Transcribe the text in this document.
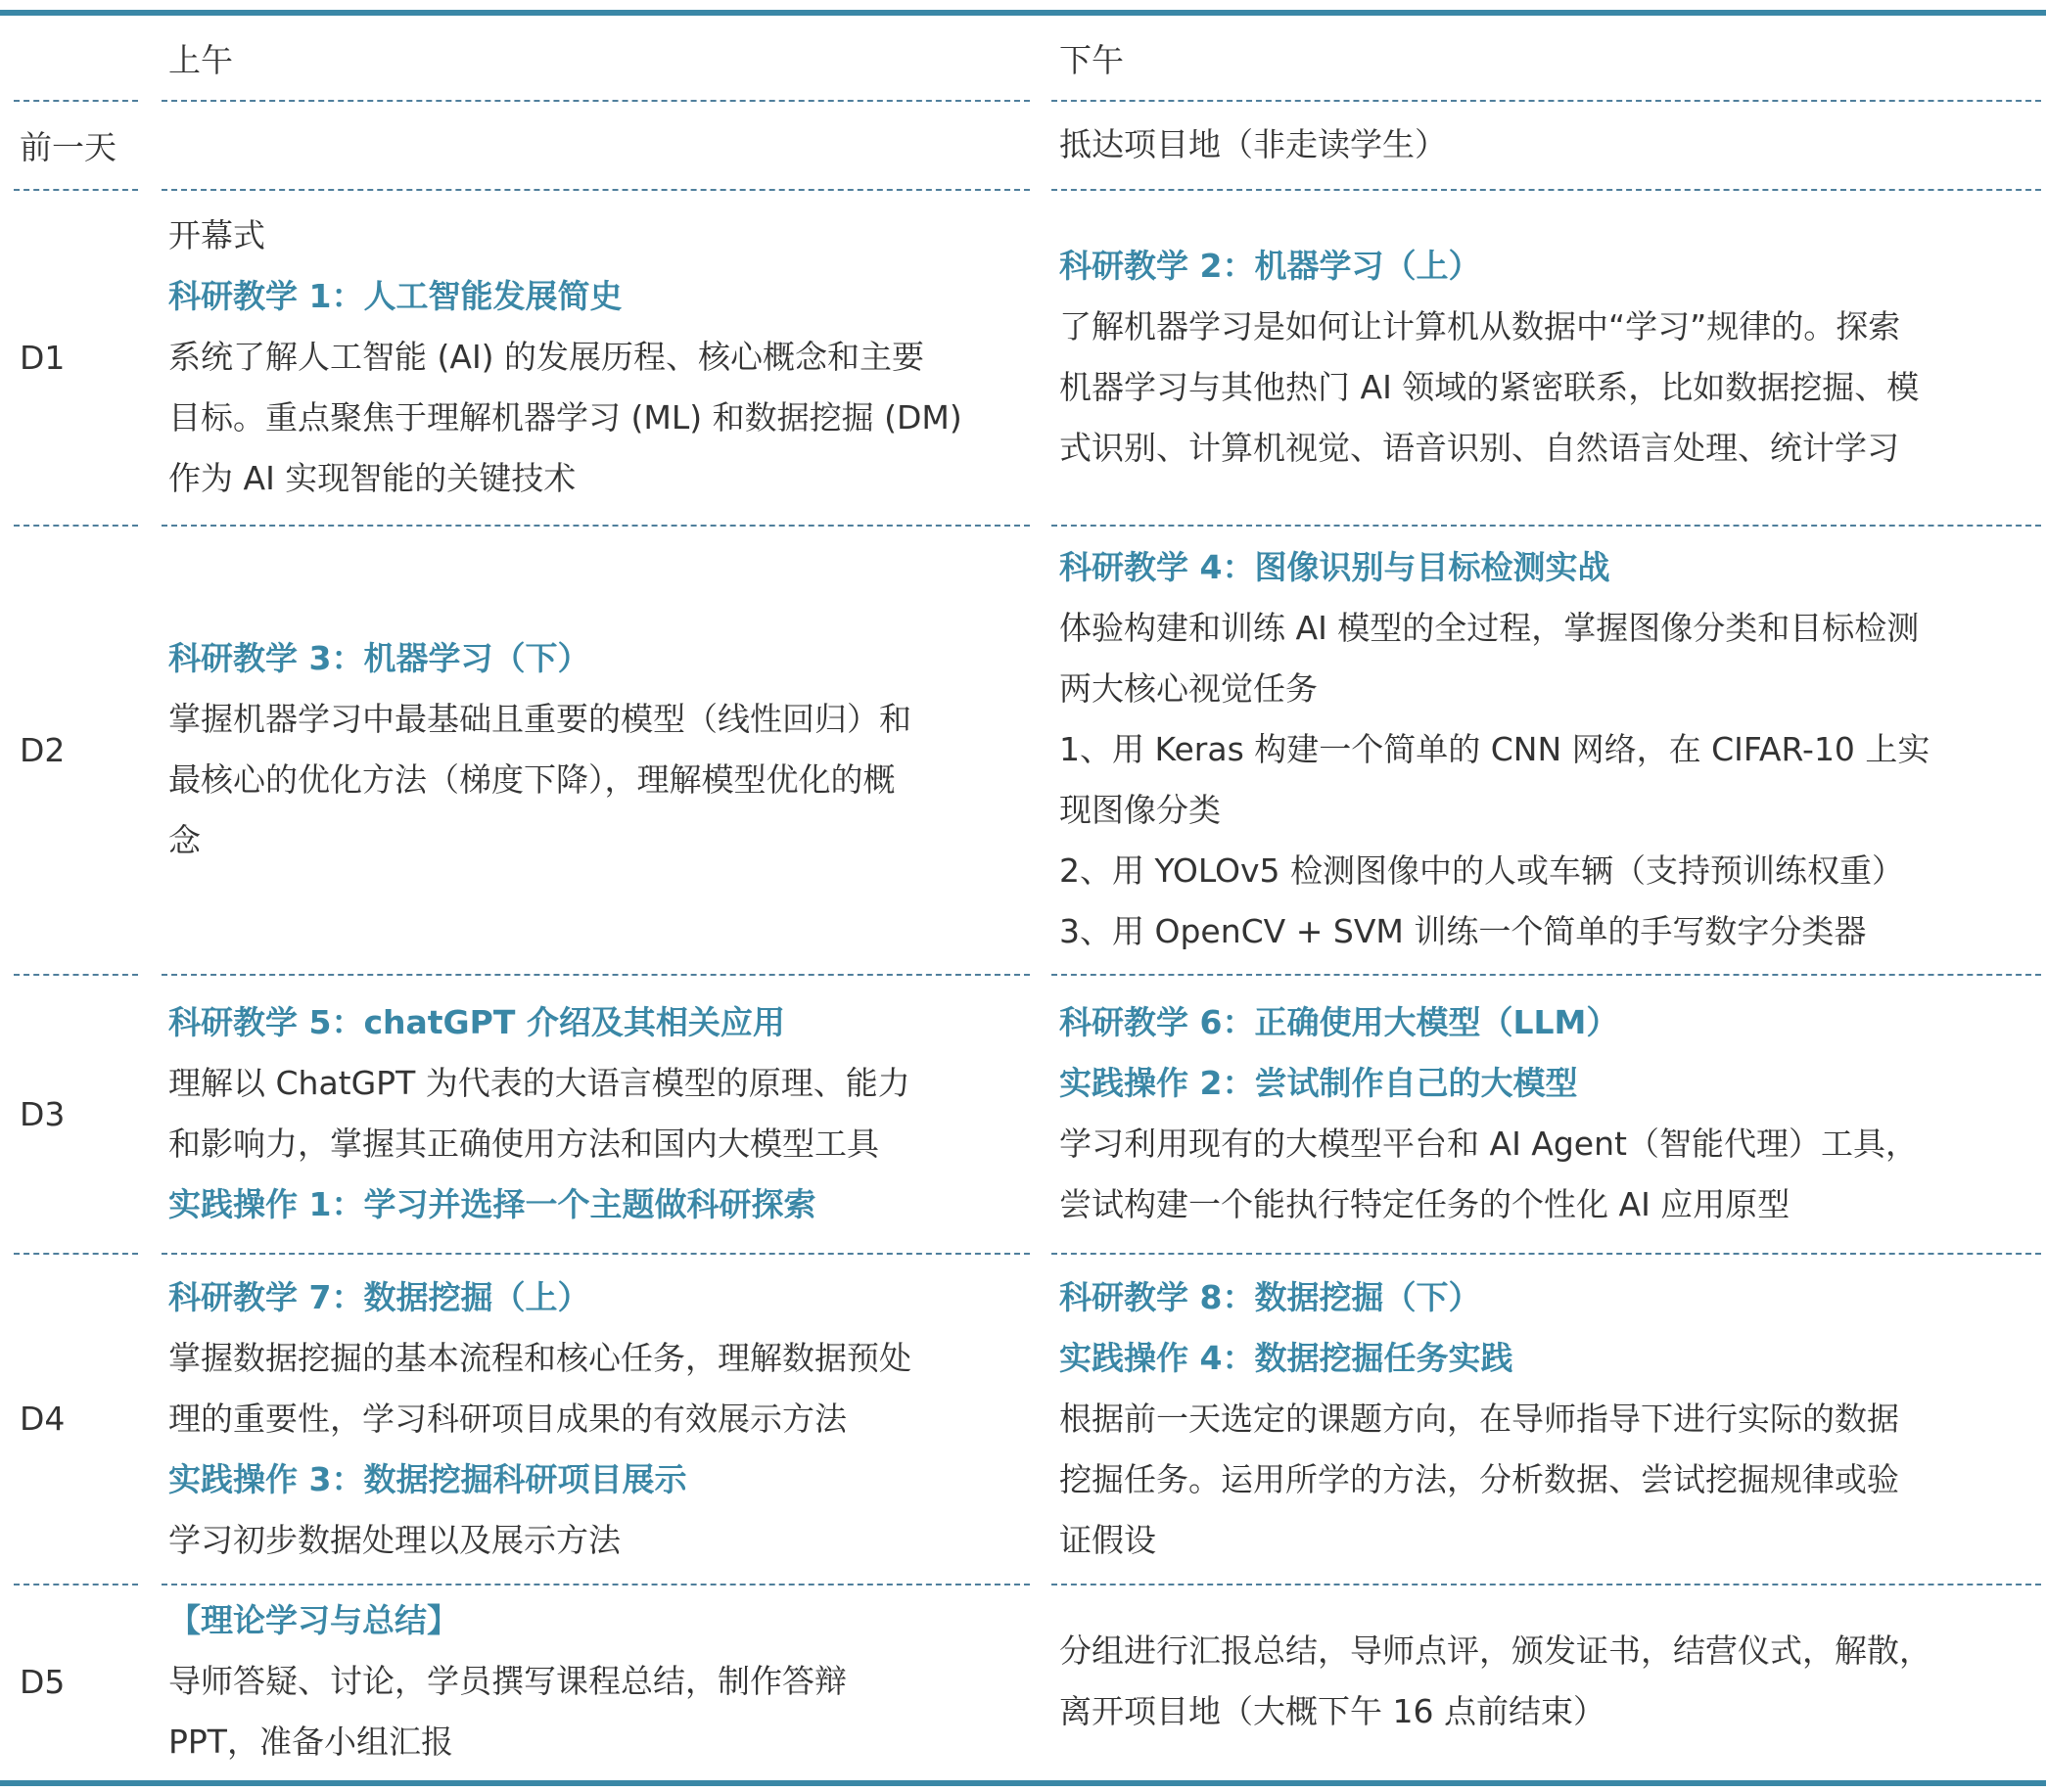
上午	下午
前一天	抵达项目地（非走读学生）
D1
开幕式
科研教学 1：人工智能发展简史
系统了解人工智能 (AI) 的发展历程、核心概念和主要
目标。重点聚焦于理解机器学习 (ML) 和数据挖掘 (DM)
作为 AI 实现智能的关键技术
科研教学 2：机器学习（上）
了解机器学习是如何让计算机从数据中“学习”规律的。探索
机器学习与其他热门 AI 领域的紧密联系，比如数据挖掘、模
式识别、计算机视觉、语音识别、自然语言处理、统计学习
D2
科研教学 3：机器学习（下）
掌握机器学习中最基础且重要的模型（线性回归）和
最核心的优化方法（梯度下降），理解模型优化的概
念
科研教学 4：图像识别与目标检测实战
体验构建和训练 AI 模型的全过程，掌握图像分类和目标检测
两大核心视觉任务
1、用 Keras 构建一个简单的 CNN 网络，在 CIFAR-10 上实
现图像分类
2、用 YOLOv5 检测图像中的人或车辆（支持预训练权重）
3、用 OpenCV + SVM 训练一个简单的手写数字分类器
D3
科研教学 5：chatGPT 介绍及其相关应用
理解以 ChatGPT 为代表的大语言模型的原理、能力
和影响力，掌握其正确使用方法和国内大模型工具
实践操作 1：学习并选择一个主题做科研探索
科研教学 6：正确使用大模型（LLM）
实践操作 2：尝试制作自己的大模型
学习利用现有的大模型平台和 AI Agent（智能代理）工具，
尝试构建一个能执行特定任务的个性化 AI 应用原型
D4
科研教学 7：数据挖掘（上）
掌握数据挖掘的基本流程和核心任务，理解数据预处
理的重要性，学习科研项目成果的有效展示方法
实践操作 3：数据挖掘科研项目展示
学习初步数据处理以及展示方法
科研教学 8：数据挖掘（下）
实践操作 4：数据挖掘任务实践
根据前一天选定的课题方向，在导师指导下进行实际的数据
挖掘任务。运用所学的方法，分析数据、尝试挖掘规律或验
证假设
D5
【理论学习与总结】
导师答疑、讨论，学员撰写课程总结，制作答辩
PPT，准备小组汇报
分组进行汇报总结，导师点评，颁发证书，结营仪式，解散，
离开项目地（大概下午 16 点前结束）
